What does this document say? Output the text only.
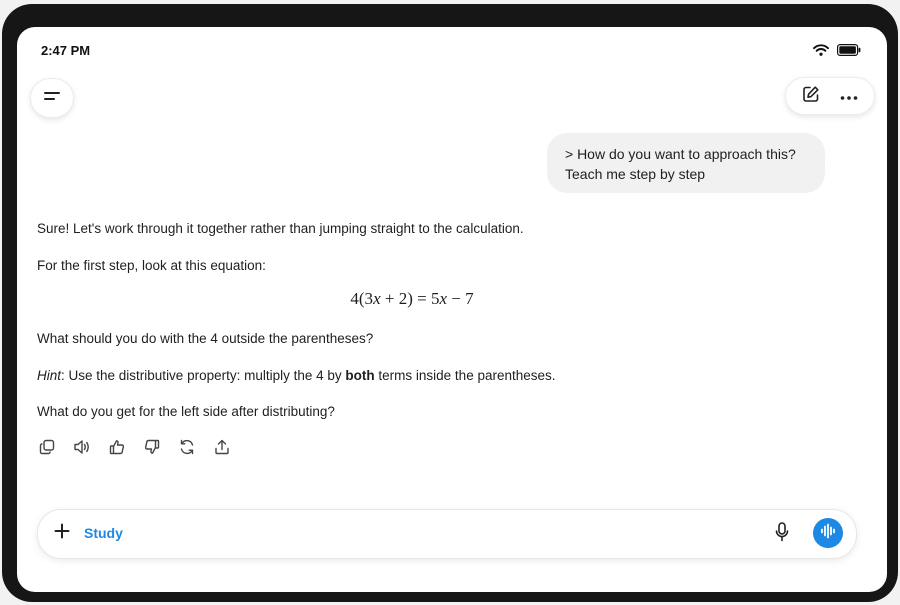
2:47 PM
> How do you want to approach this? Teach me step by step
Sure! Let's work through it together rather than jumping straight to the calculation.
For the first step, look at this equation:
4(3x + 2) = 5x − 7
What should you do with the 4 outside the parentheses?
Hint: Use the distributive property: multiply the 4 by both terms inside the parentheses.
What do you get for the left side after distributing?
Study
